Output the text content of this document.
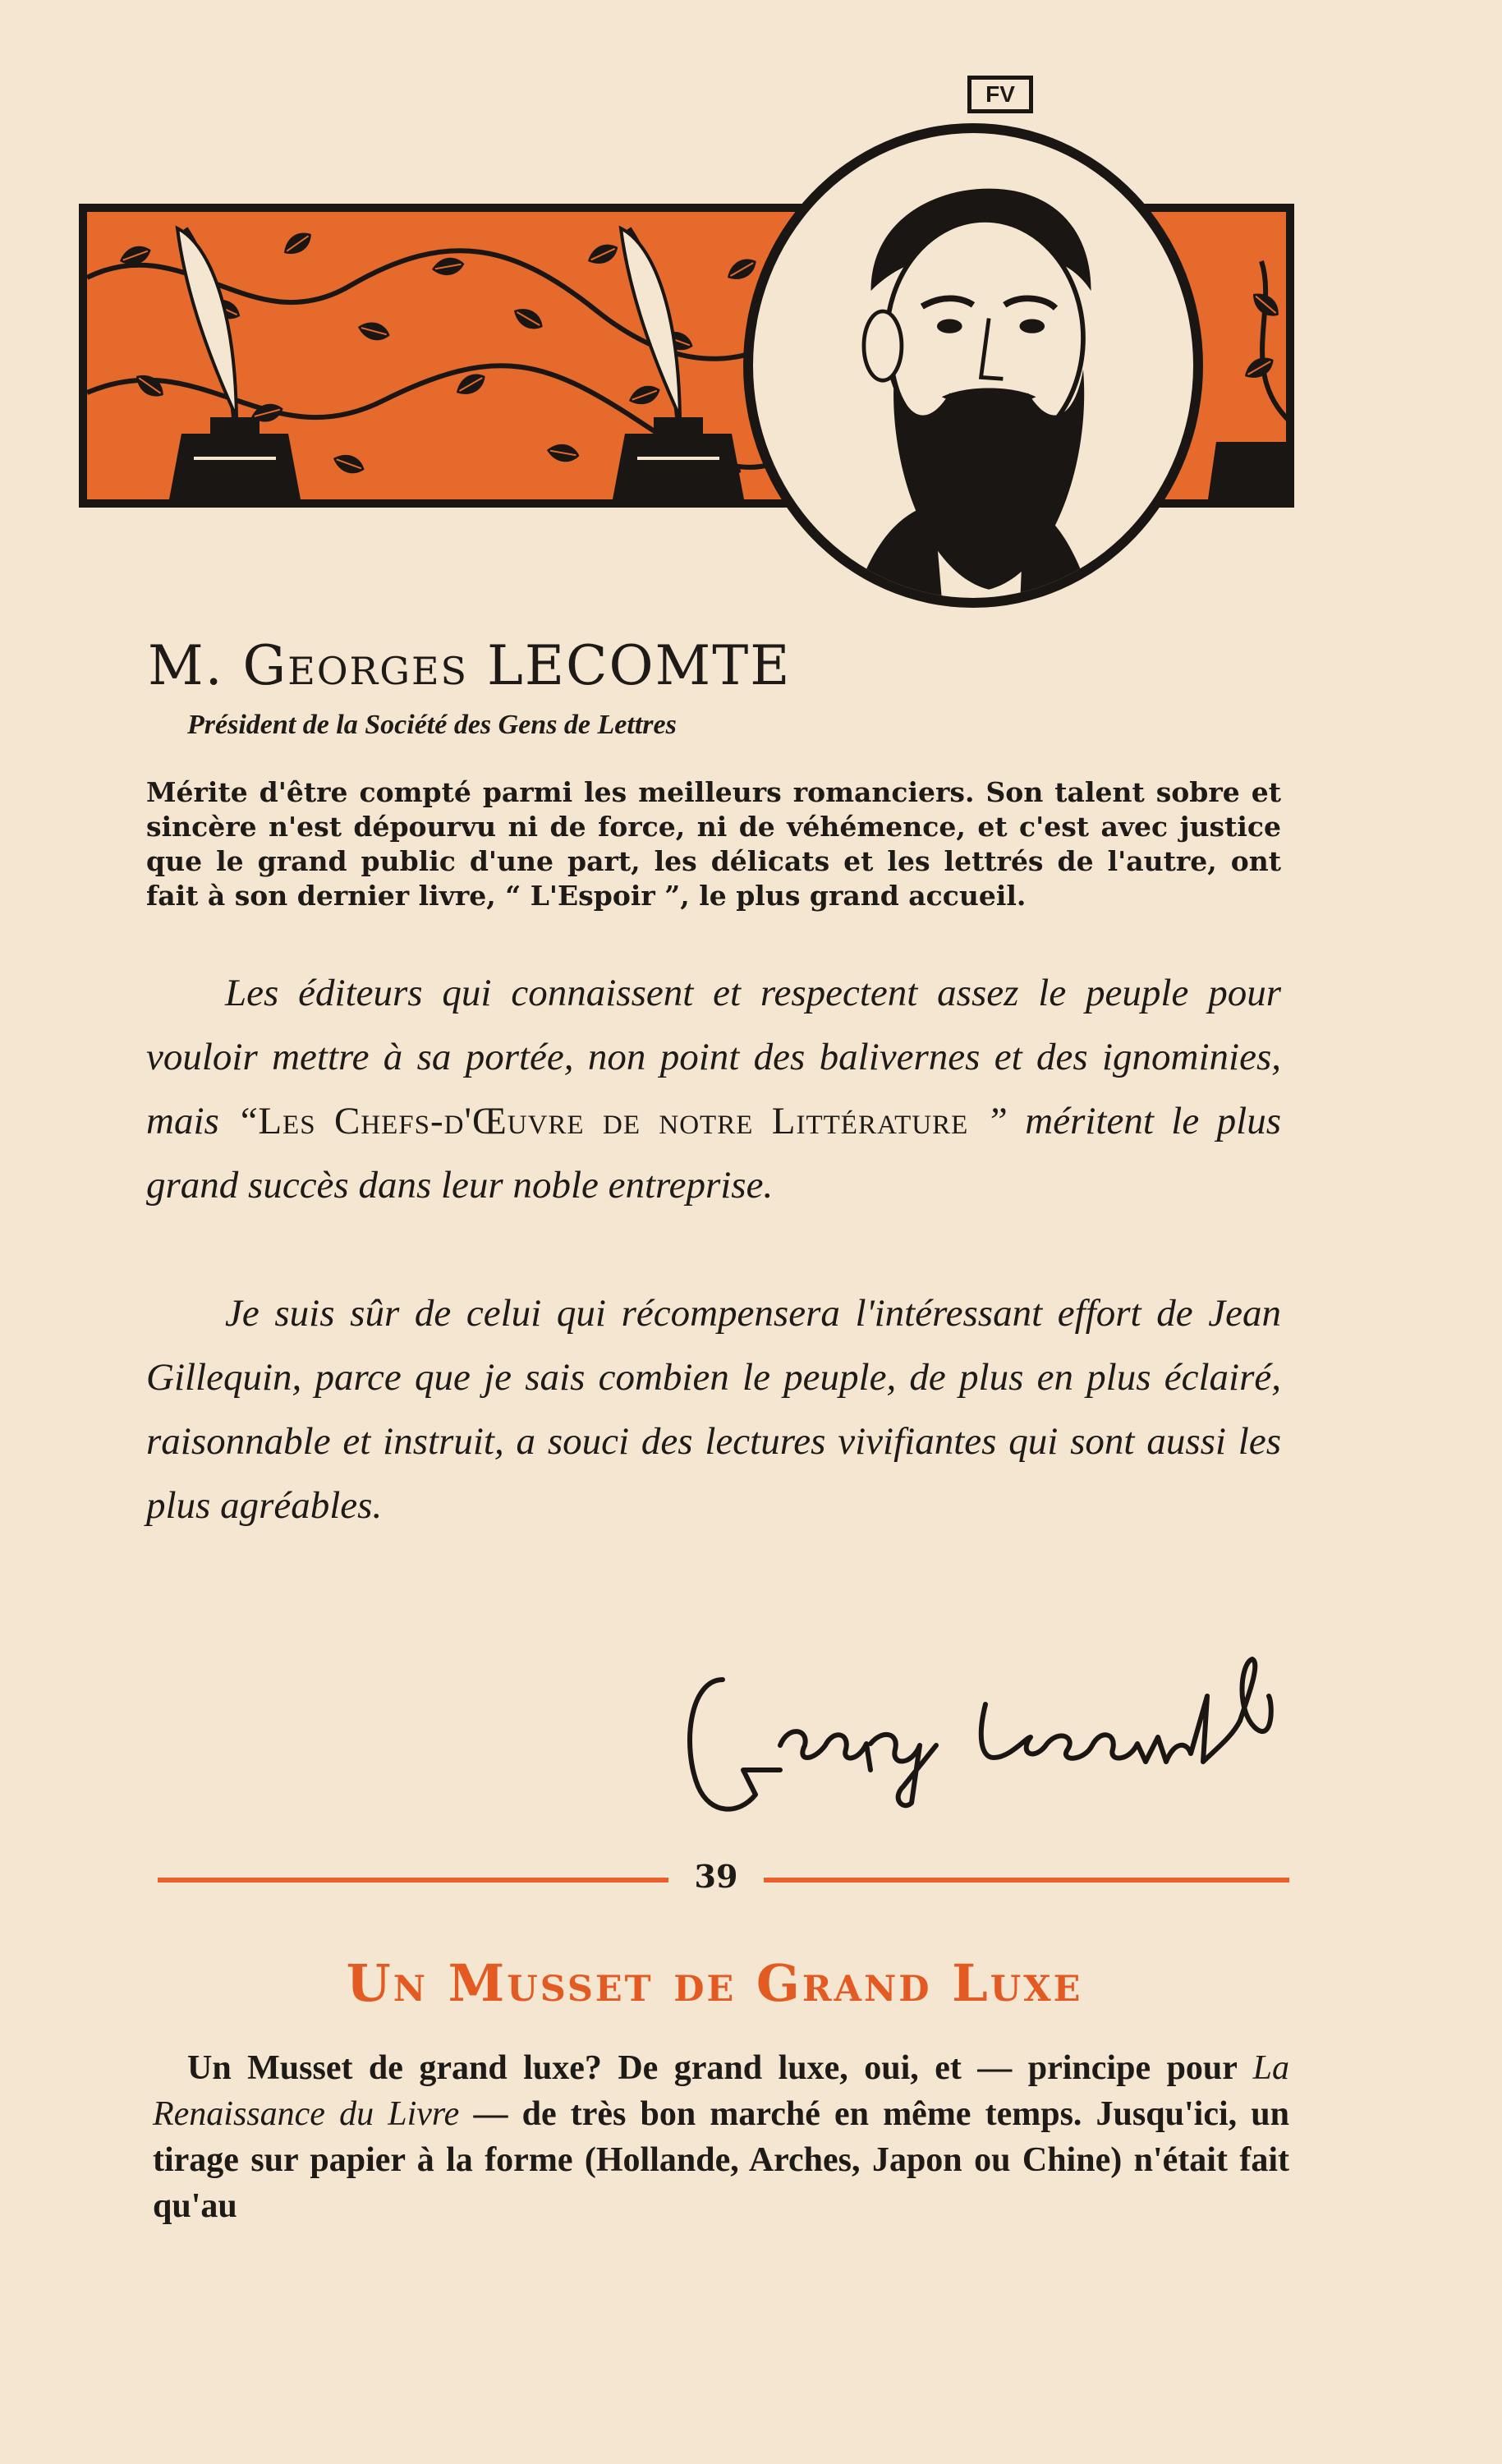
FV
M. Georges LECOMTE
Président de la Société des Gens de Lettres
Mérite d'être compté parmi les meilleurs romanciers. Son talent sobre et sincère n'est dépourvu ni de force, ni de véhémence, et c'est avec justice que le grand public d'une part, les délicats et les lettrés de l'autre, ont fait à son dernier livre, “ L'Espoir ”, le plus grand accueil.

Les éditeurs qui connaissent et respectent assez le peuple pour vouloir mettre à sa portée, non point des balivernes et des ignominies, mais “Les Chefs-d'Œuvre de notre Littérature ” méritent le plus grand succès dans leur noble entreprise.

Je suis sûr de celui qui récompensera l'intéressant effort de Jean Gillequin, parce que je sais combien le peuple, de plus en plus éclairé, raisonnable et instruit, a souci des lectures vivifiantes qui sont aussi les plus agréables.

39
Un Musset de Grand Luxe

Un Musset de grand luxe? De grand luxe, oui, et — principe pour La Renaissance du Livre — de très bon marché en même temps. Jusqu'ici, un tirage sur papier à la forme (Hollande, Arches, Japon ou Chine) n'était fait qu'au
